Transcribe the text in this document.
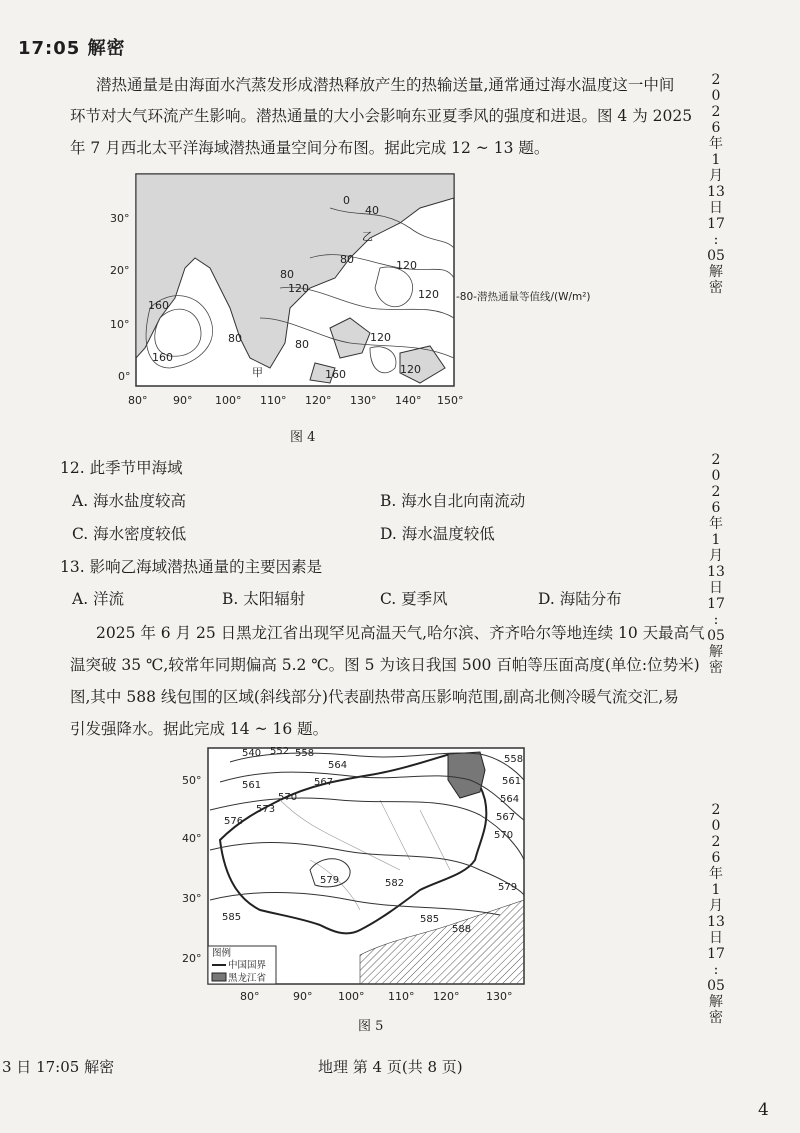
17:05 解密
潜热通量是由海面水汽蒸发形成潜热释放产生的热输送量,通常通过海水温度这一中间
环节对大气环流产生影响。潜热通量的大小会影响东亚夏季风的强度和进退。图 4 为 2025
年 7 月西北太平洋海域潜热通量空间分布图。据此完成 12 ~ 13 题。
30°
20°
10°
0°
80° 90° 100° 110° 120° 130° 140° 150°
0
40
80
80
120
120	120
160
160
80
120
160	120
80
乙
甲
-80-潜热通量等值线/(W/m²)
图 4
12. 此季节甲海域
A. 海水盐度较高	B. 海水自北向南流动
C. 海水密度较低	D. 海水温度较低
13. 影响乙海域潜热通量的主要因素是
A. 洋流	B. 太阳辐射	C. 夏季风	D. 海陆分布
2025 年 6 月 25 日黑龙江省出现罕见高温天气,哈尔滨、齐齐哈尔等地连续 10 天最高气
温突破 35 ℃,较常年同期偏高 5.2 ℃。图 5 为该日我国 500 百帕等压面高度(单位:位势米)
图,其中 588 线包围的区域(斜线部分)代表副热带高压影响范围,副高北侧冷暖气流交汇,易
引发强降水。据此完成 14 ~ 16 题。
50°
40°
30°
20°
80°	90° 100° 110° 120° 130°
540 552 558
561
564
567
570
573
576
579	582
585
588
585
558
561
564
567
570
579
图例
中国国界
黑龙江省
图 5
2
0
2
6
年
1
月
13
日
17
:
05
解
密
2
0
2
6
年
1
月
13
日
17
:
05
解
密
2
0
2
6
年
1
月
13
日
17
:
05
解
密
3 日 17:05 解密	地理 第 4 页(共 8 页)
4
